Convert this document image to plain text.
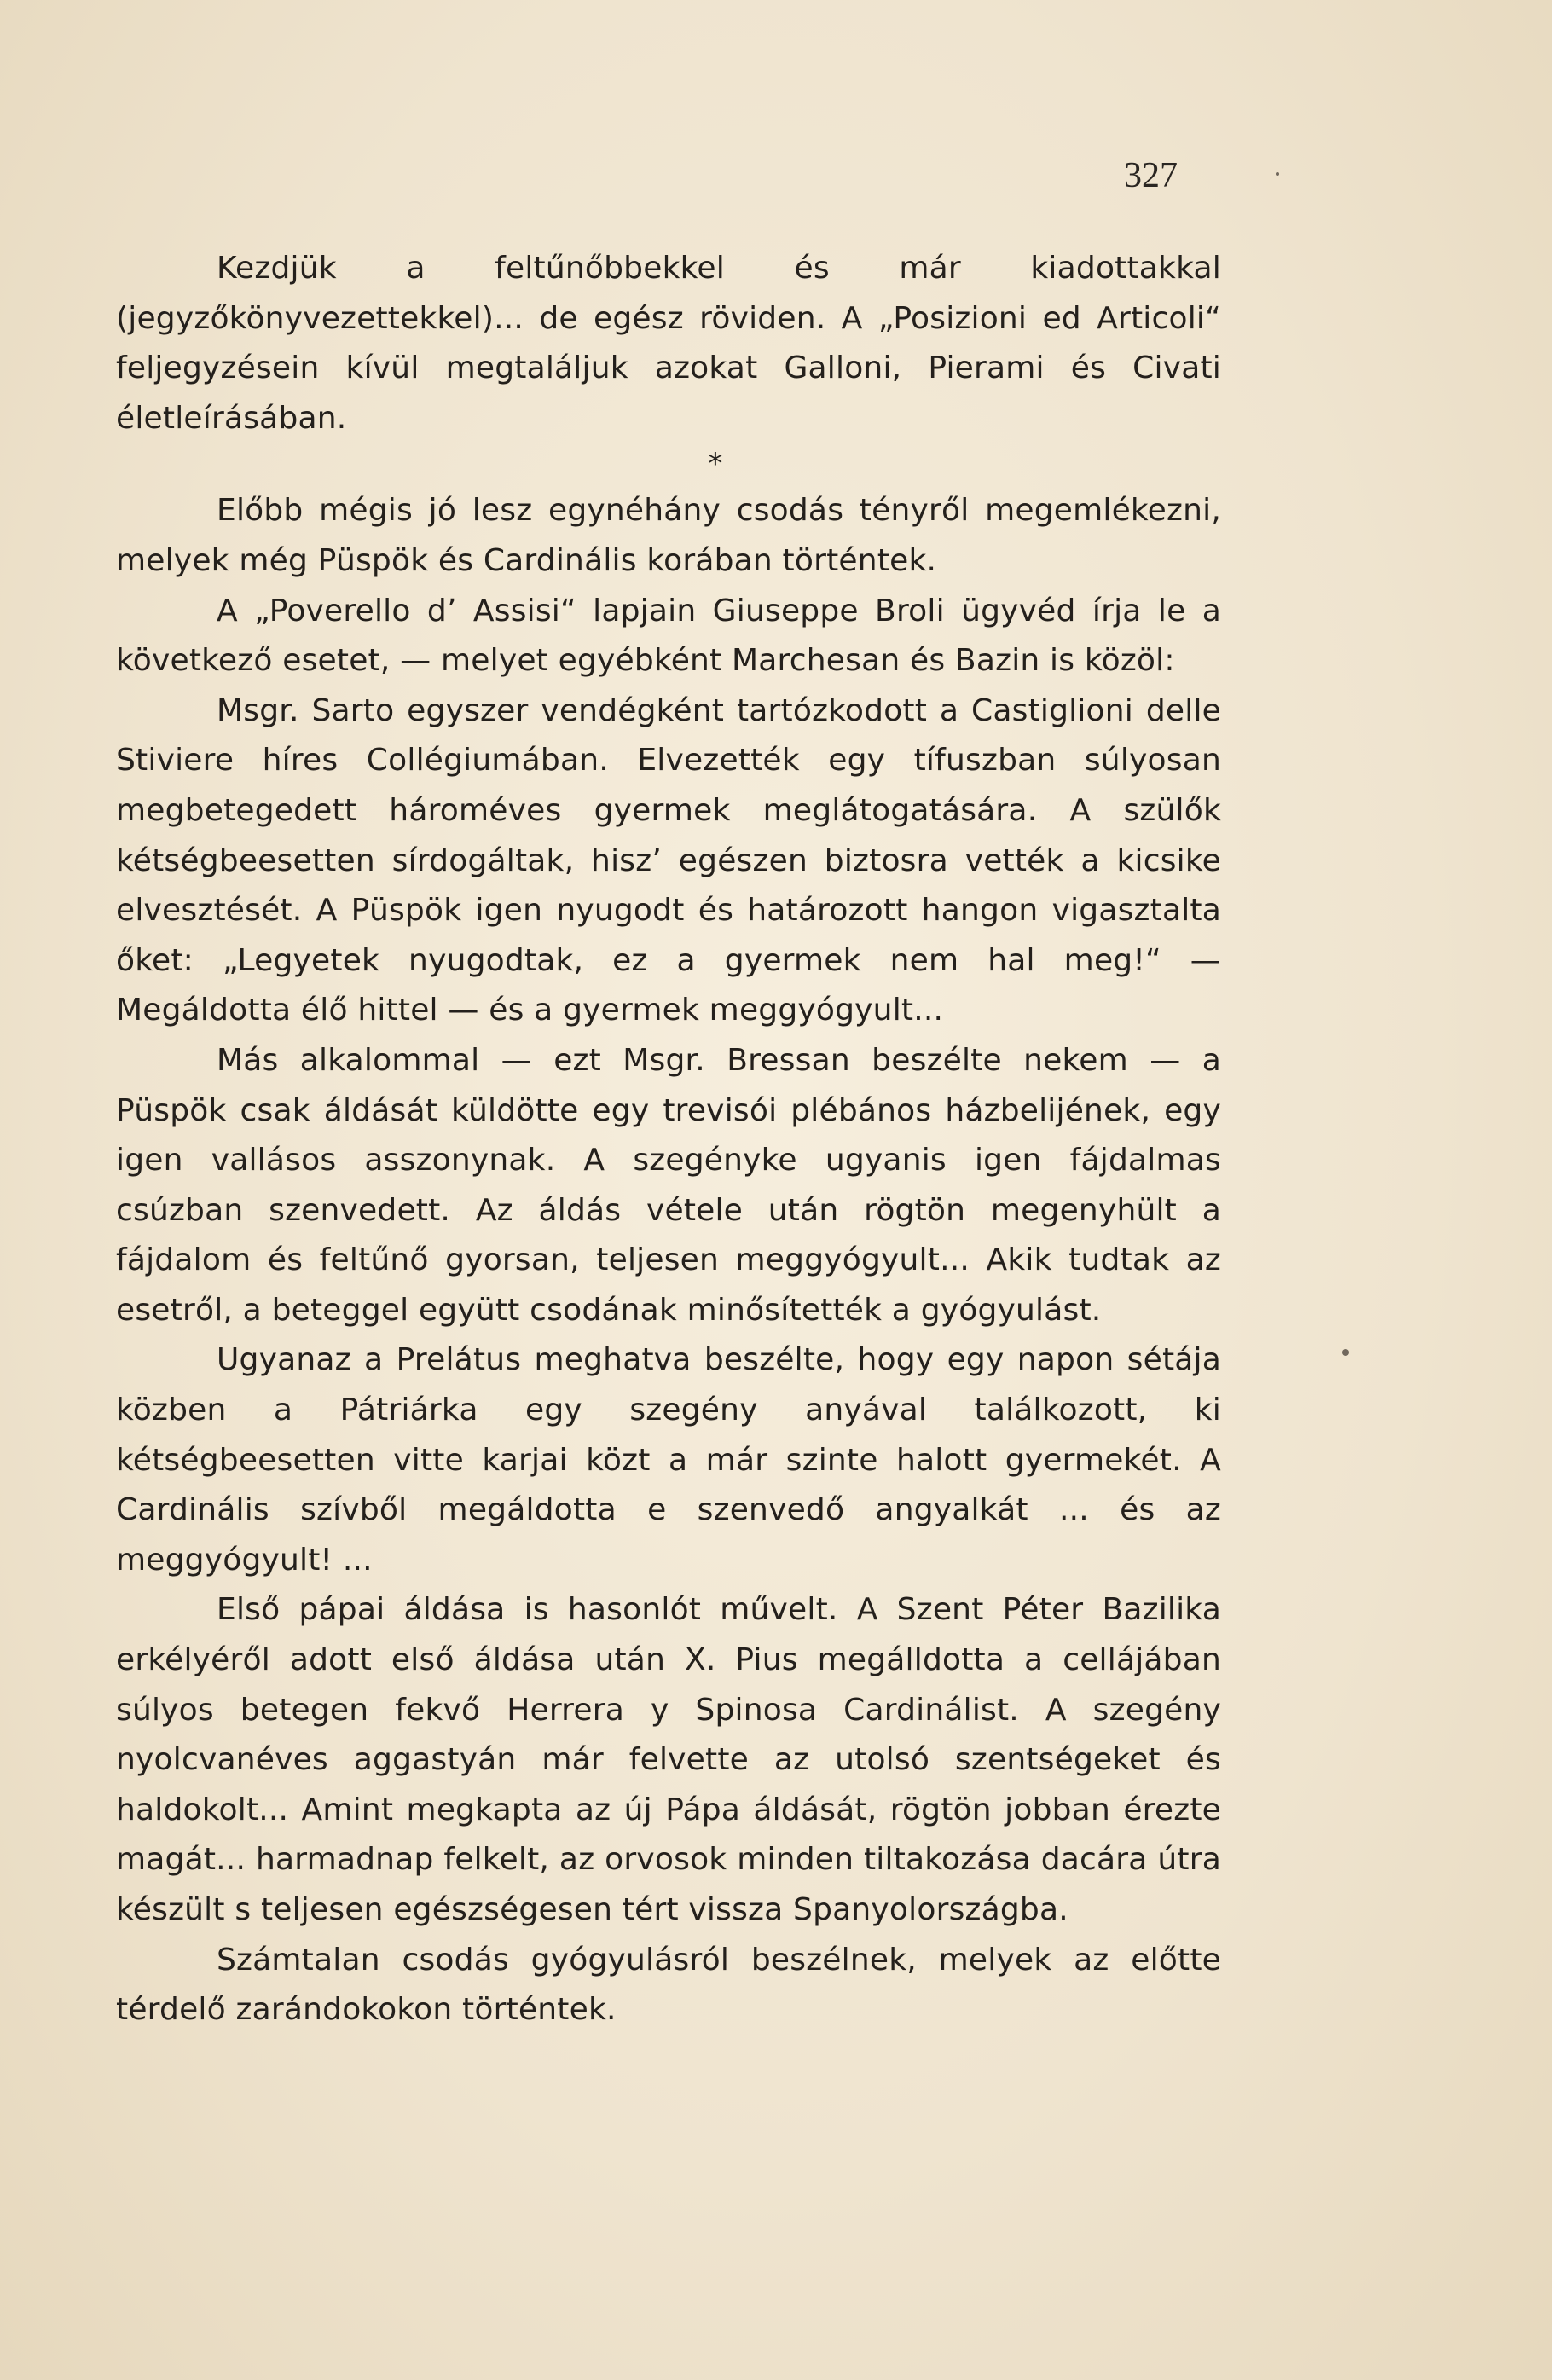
327

Kezdjük a feltűnőbbekkel és már kiadottakkal (jegyzőkönyvezettekkel)... de egész röviden. A „Posizioni ed Articoli“ feljegyzésein kívül megtaláljuk azokat Galloni, Pierami és Civati életleírásában.

*

Előbb mégis jó lesz egynéhány csodás tényről megemlékezni, melyek még Püspök és Cardinális korában történtek.

A „Poverello d’ Assisi“ lapjain Giuseppe Broli ügyvéd írja le a következő esetet, — melyet egyébként Marchesan és Bazin is közöl:

Msgr. Sarto egyszer vendégként tartózkodott a Castiglioni delle Stiviere híres Collégiumában. Elvezették egy tífuszban súlyosan megbetegedett hároméves gyermek meglátogatására. A szülők kétségbeesetten sírdogáltak, hisz’ egészen biztosra vették a kicsike elvesztését. A Püspök igen nyugodt és határozott hangon vigasztalta őket: „Legyetek nyugodtak, ez a gyermek nem hal meg!“ — Megáldotta élő hittel — és a gyermek meggyógyult...

Más alkalommal — ezt Msgr. Bressan beszélte nekem — a Püspök csak áldását küldötte egy trevisói plébános házbelijének, egy igen vallásos asszonynak. A szegényke ugyanis igen fájdalmas csúzban szenvedett. Az áldás vétele után rögtön megenyhült a fájdalom és feltűnő gyorsan, teljesen meggyógyult... Akik tudtak az esetről, a beteggel együtt csodának minősítették a gyógyulást.

Ugyanaz a Prelátus meghatva beszélte, hogy egy napon sétája közben a Pátriárka egy szegény anyával találkozott, ki kétségbeesetten vitte karjai közt a már szinte halott gyermekét. A Cardinális szívből megáldotta e szenvedő angyalkát ... és az meggyógyult! ...

Első pápai áldása is hasonlót művelt. A Szent Péter Bazilika erkélyéről adott első áldása után X. Pius megálldotta a cellájában súlyos betegen fekvő Herrera y Spinosa Cardinálist. A szegény nyolcvanéves aggastyán már felvette az utolsó szentségeket és haldokolt... Amint megkapta az új Pápa áldását, rögtön jobban érezte magát... harmadnap felkelt, az orvosok minden tiltakozása dacára útra készült s teljesen egészségesen tért vissza Spanyolországba.

Számtalan csodás gyógyulásról beszélnek, melyek az előtte térdelő zarándokokon történtek.
